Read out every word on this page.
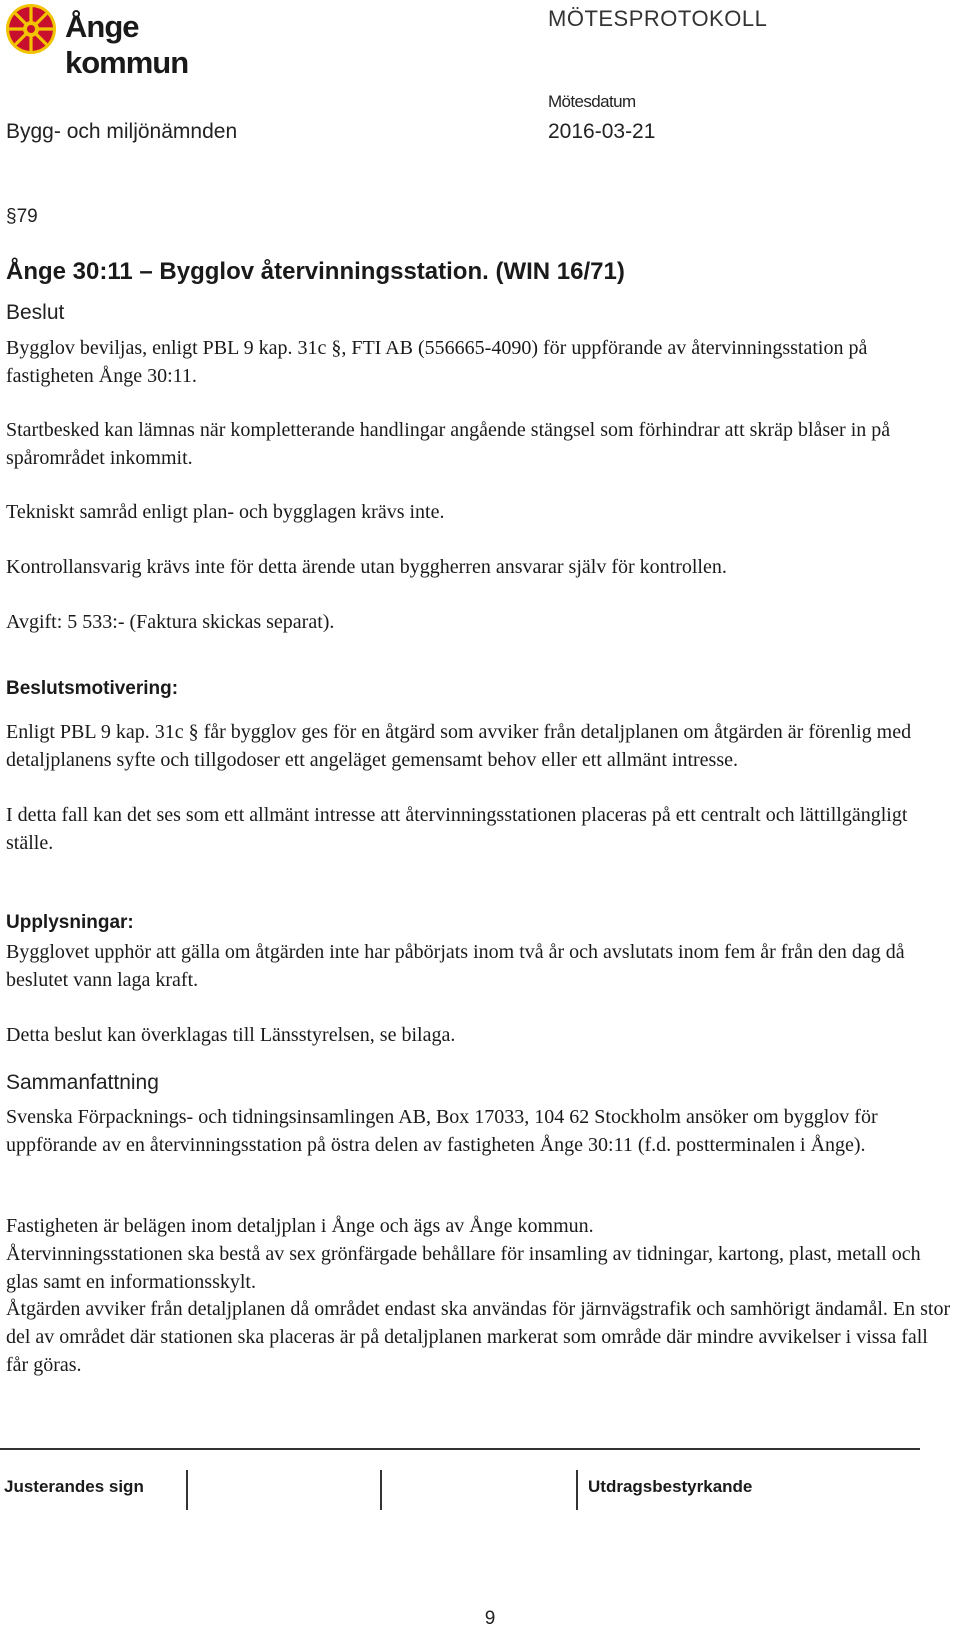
Ånge kommun
MÖTESPROTOKOLL
Mötesdatum
Bygg- och miljönämnden	2016-03-21
§79
Ånge 30:11 – Bygglov återvinningsstation. (WIN 16/71)
Beslut
Bygglov beviljas, enligt PBL 9 kap. 31c §, FTI AB (556665-4090) för uppförande av återvinningsstation på fastigheten Ånge 30:11.
Startbesked kan lämnas när kompletterande handlingar angående stängsel som förhindrar att skräp blåser in på spårområdet inkommit.
Tekniskt samråd enligt plan- och bygglagen krävs inte.
Kontrollansvarig krävs inte för detta ärende utan byggherren ansvarar själv för kontrollen.
Avgift: 5 533:- (Faktura skickas separat).
Beslutsmotivering:
Enligt PBL 9 kap. 31c § får bygglov ges för en åtgärd som avviker från detaljplanen om åtgärden är förenlig med detaljplanens syfte och tillgodoser ett angeläget gemensamt behov eller ett allmänt intresse.
I detta fall kan det ses som ett allmänt intresse att återvinningsstationen placeras på ett centralt och lättillgängligt ställe.
Upplysningar:
Bygglovet upphör att gälla om åtgärden inte har påbörjats inom två år och avslutats inom fem år från den dag då beslutet vann laga kraft.
Detta beslut kan överklagas till Länsstyrelsen, se bilaga.
Sammanfattning
Svenska Förpacknings- och tidningsinsamlingen AB, Box 17033, 104 62 Stockholm ansöker om bygglov för uppförande av en återvinningsstation på östra delen av fastigheten Ånge 30:11 (f.d. postterminalen i Ånge).
Fastigheten är belägen inom detaljplan i Ånge och ägs av Ånge kommun.
Återvinningsstationen ska bestå av sex grönfärgade behållare för insamling av tidningar, kartong, plast, metall och glas samt en informationsskylt.
Åtgärden avviker från detaljplanen då området endast ska användas för järnvägstrafik och samhörigt ändamål. En stor del av området där stationen ska placeras är på detaljplanen markerat som område där mindre avvikelser i vissa fall får göras.
Justerandes sign	Utdragsbestyrkande
9
